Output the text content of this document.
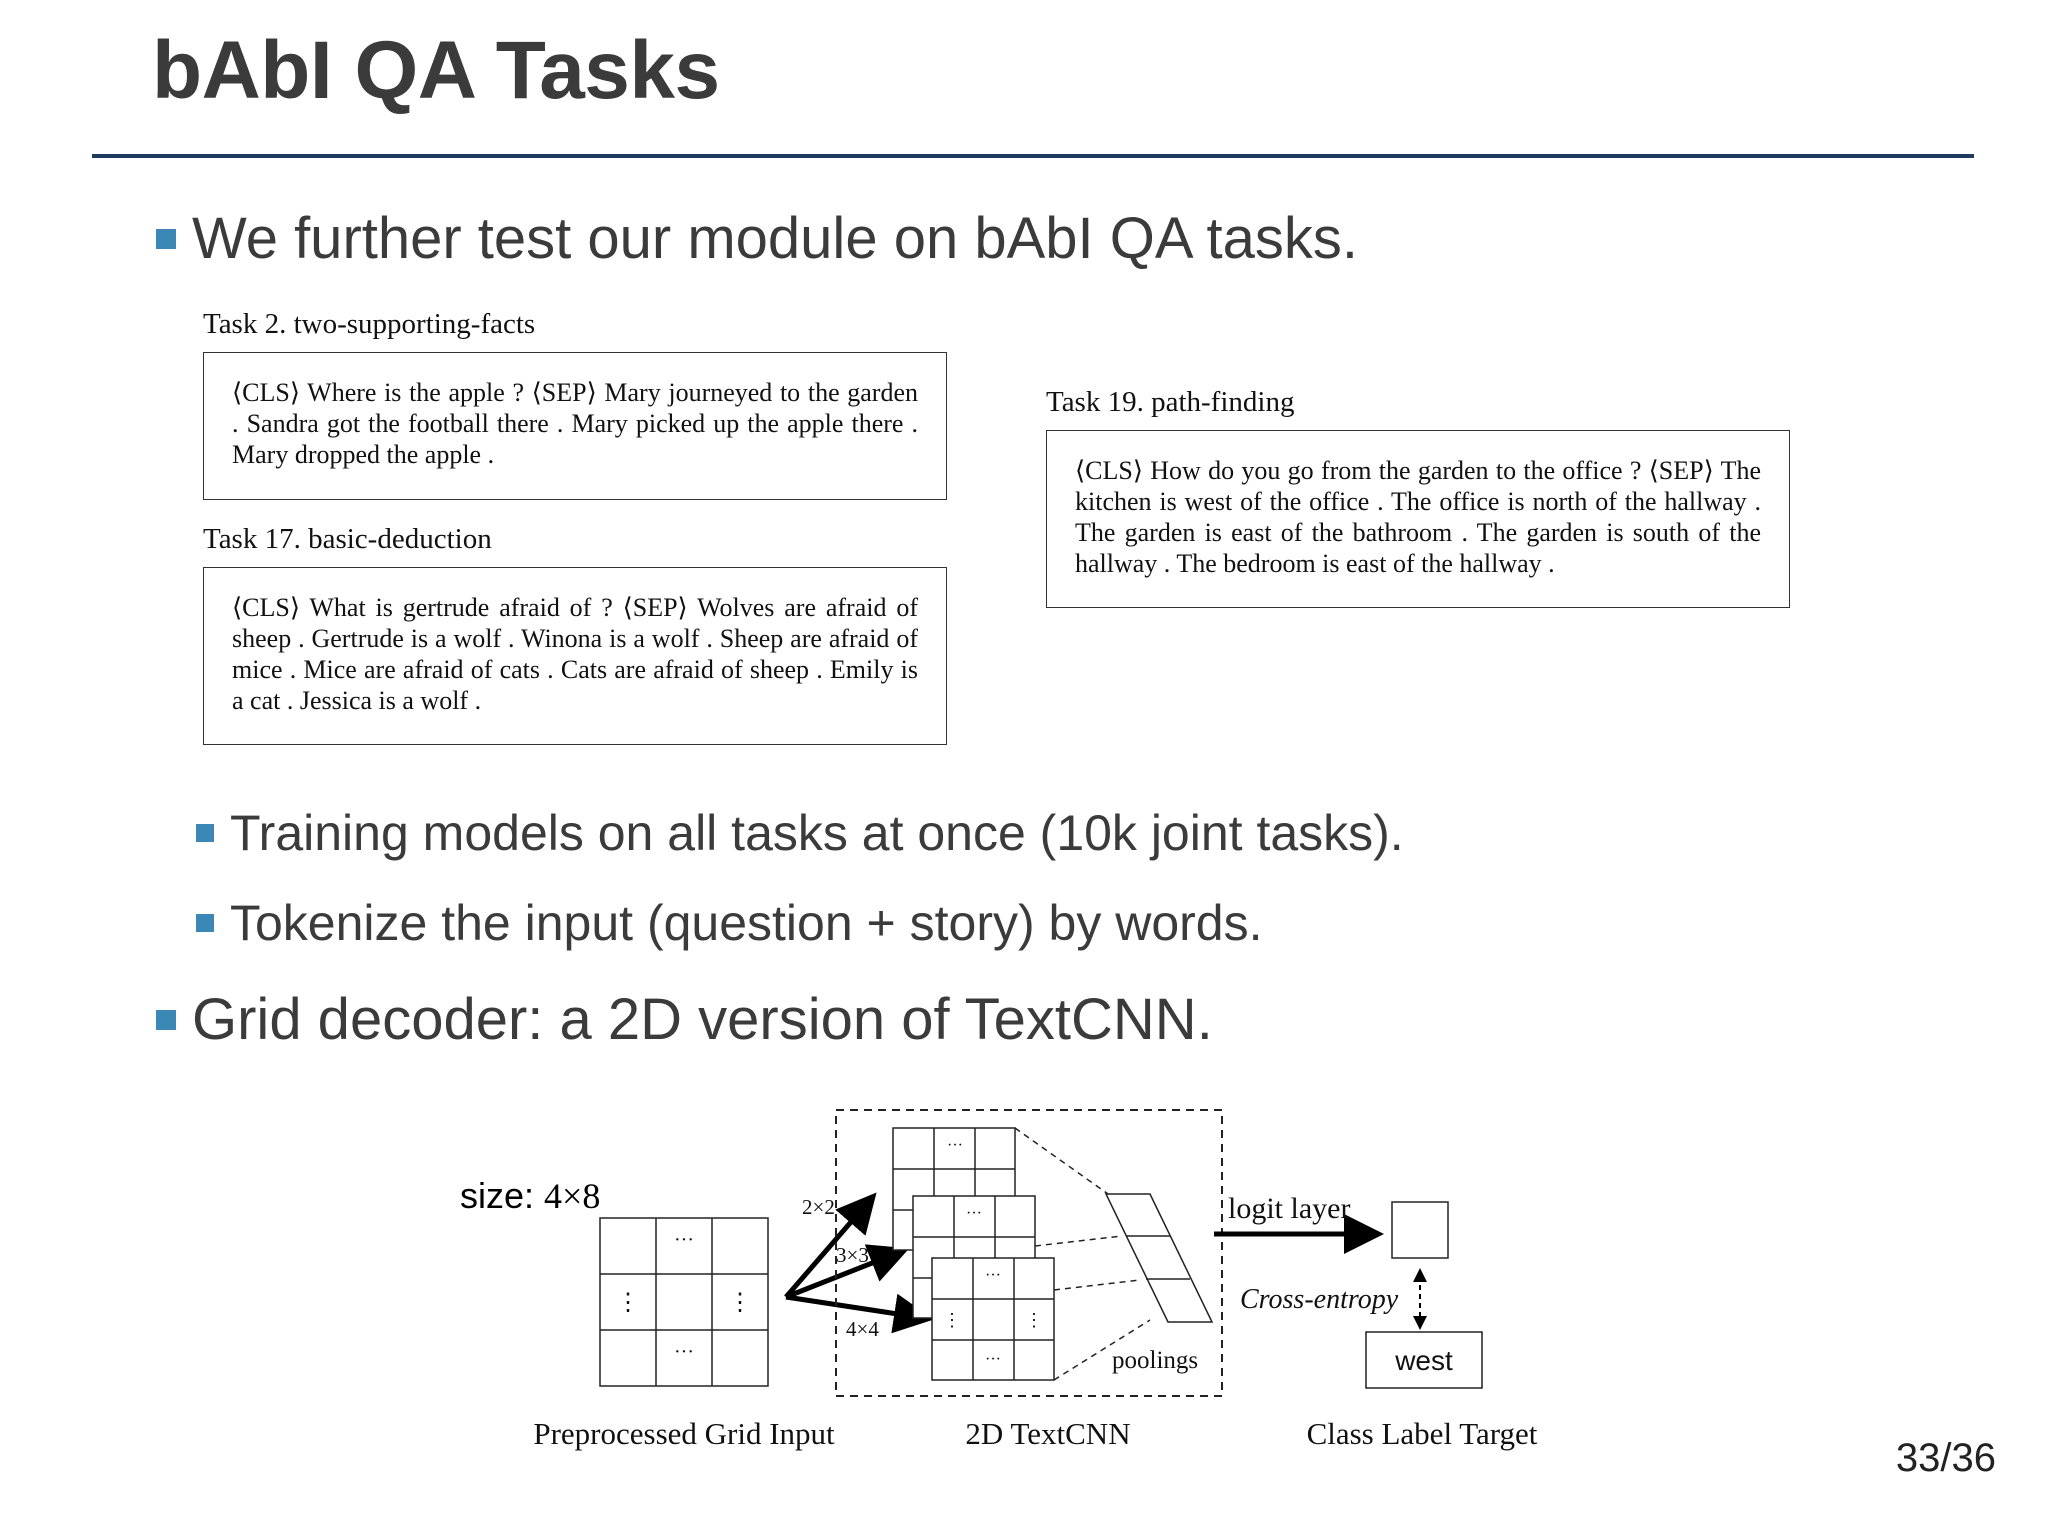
bAbI QA Tasks
We further test our module on bAbI QA tasks.
Task 2. two-supporting-facts
⟨CLS⟩ Where is the apple ? ⟨SEP⟩ Mary journeyed to the garden . Sandra got the football there . Mary picked up the apple there . Mary dropped the apple .
Task 17. basic-deduction
⟨CLS⟩ What is gertrude afraid of ? ⟨SEP⟩ Wolves are afraid of sheep . Gertrude is a wolf . Winona is a wolf . Sheep are afraid of mice . Mice are afraid of cats . Cats are afraid of sheep . Emily is a cat . Jessica is a wolf .
Task 19. path-finding
⟨CLS⟩ How do you go from the garden to the office ? ⟨SEP⟩ The kitchen is west of the office . The office is north of the hallway . The garden is east of the bathroom . The garden is south of the hallway . The bedroom is east of the hallway .
Training models on all tasks at once (10k joint tasks).
Tokenize the input (question + story) by words.
Grid decoder: a 2D version of TextCNN.
size: 4×8
···
···
⋮	⋮
2×2
3×3
4×4
···
···
···
···
⋮	⋮
poolings
logit layer
Cross-entropy
west
Preprocessed Grid Input	2D TextCNN	Class Label Target
33/36
